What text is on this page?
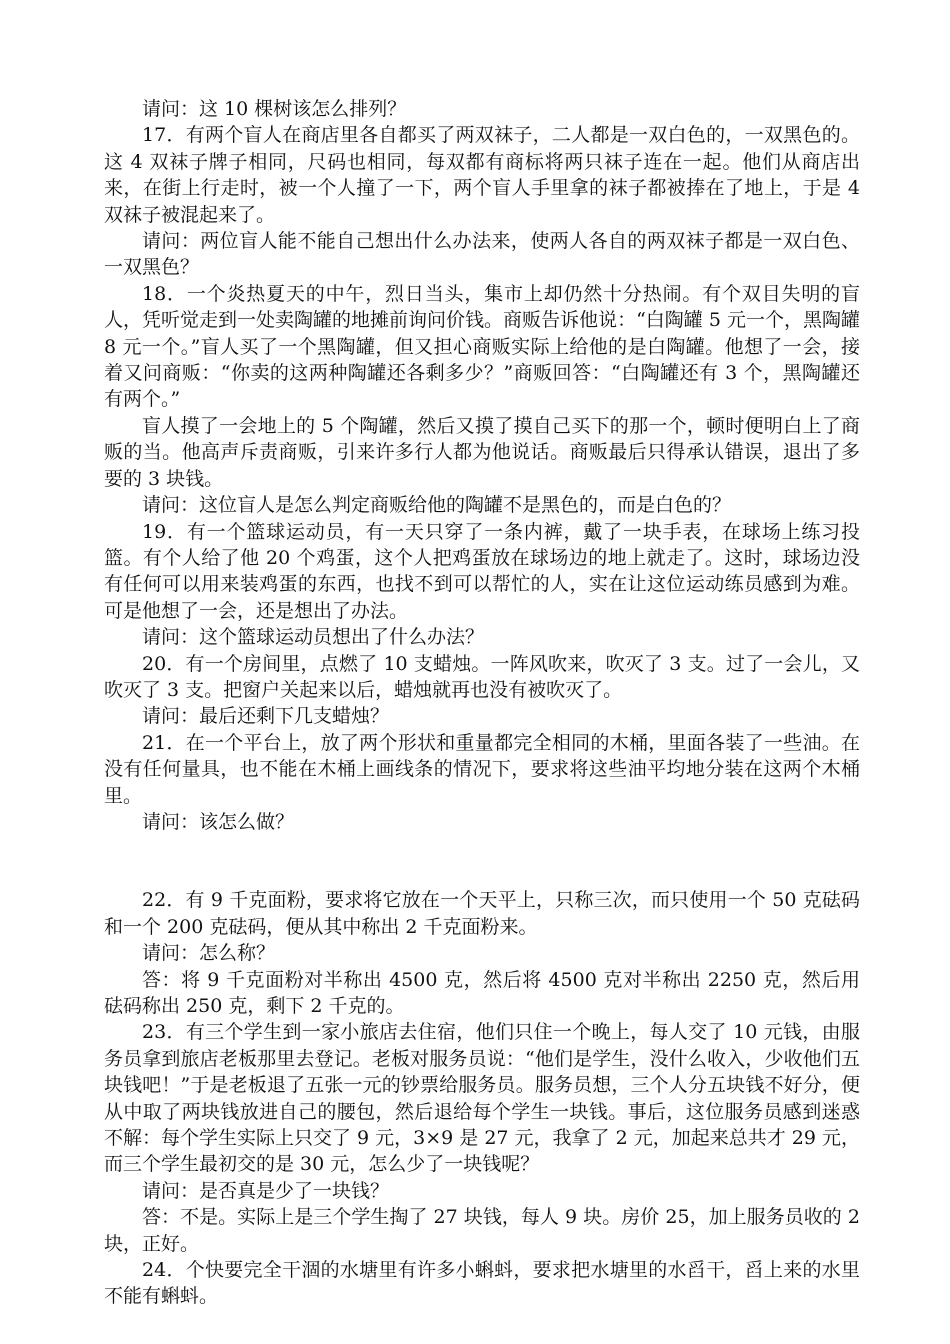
请问：这 10 棵树该怎么排列？

17．有两个盲人在商店里各自都买了两双袜子，二人都是一双白色的，一双黑色的。这 4 双袜子牌子相同，尺码也相同，每双都有商标将两只袜子连在一起。他们从商店出来，在街上行走时，被一个人撞了一下，两个盲人手里拿的袜子都被捧在了地上，于是 4 双袜子被混起来了。

请问：两位盲人能不能自己想出什么办法来，使两人各自的两双袜子都是一双白色、一双黑色？

18．一个炎热夏天的中午，烈日当头，集市上却仍然十分热闹。有个双目失明的盲人，凭听觉走到一处卖陶罐的地摊前询问价钱。商贩告诉他说：“白陶罐 5 元一个，黑陶罐 8 元一个。”盲人买了一个黑陶罐，但又担心商贩实际上给他的是白陶罐。他想了一会，接着又问商贩：“你卖的这两种陶罐还各剩多少？”商贩回答：“白陶罐还有 3 个，黑陶罐还有两个。”

盲人摸了一会地上的 5 个陶罐，然后又摸了摸自己买下的那一个，顿时便明白上了商贩的当。他高声斥责商贩，引来许多行人都为他说话。商贩最后只得承认错误，退出了多要的 3 块钱。

请问：这位盲人是怎么判定商贩给他的陶罐不是黑色的，而是白色的？

19．有一个篮球运动员，有一天只穿了一条内裤，戴了一块手表，在球场上练习投篮。有个人给了他 20 个鸡蛋，这个人把鸡蛋放在球场边的地上就走了。这时，球场边没有任何可以用来装鸡蛋的东西，也找不到可以帮忙的人，实在让这位运动练员感到为难。可是他想了一会，还是想出了办法。

请问：这个篮球运动员想出了什么办法？

20．有一个房间里，点燃了 10 支蜡烛。一阵风吹来，吹灭了 3 支。过了一会儿，又吹灭了 3 支。把窗户关起来以后，蜡烛就再也没有被吹灭了。

请问：最后还剩下几支蜡烛？

21．在一个平台上，放了两个形状和重量都完全相同的木桶，里面各装了一些油。在没有任何量具，也不能在木桶上画线条的情况下，要求将这些油平均地分装在这两个木桶里。

请问：该怎么做？

22．有 9 千克面粉，要求将它放在一个天平上，只称三次，而只使用一个 50 克砝码和一个 200 克砝码，便从其中称出 2 千克面粉来。

请问：怎么称？

答：将 9 千克面粉对半称出 4500 克，然后将 4500 克对半称出 2250 克，然后用砝码称出 250 克，剩下 2 千克的。

23．有三个学生到一家小旅店去住宿，他们只住一个晚上，每人交了 10 元钱，由服务员拿到旅店老板那里去登记。老板对服务员说：“他们是学生，没什么收入，少收他们五块钱吧！”于是老板退了五张一元的钞票给服务员。服务员想，三个人分五块钱不好分，便从中取了两块钱放进自己的腰包，然后退给每个学生一块钱。事后，这位服务员感到迷惑不解：每个学生实际上只交了 9 元，3×9 是 27 元，我拿了 2 元，加起来总共才 29 元，而三个学生最初交的是 30 元，怎么少了一块钱呢？

请问：是否真是少了一块钱？

答：不是。实际上是三个学生掏了 27 块钱，每人 9 块。房价 25，加上服务员收的 2 块，正好。

24．个快要完全干涸的水塘里有许多小蝌蚪，要求把水塘里的水舀干，舀上来的水里不能有蝌蚪。
